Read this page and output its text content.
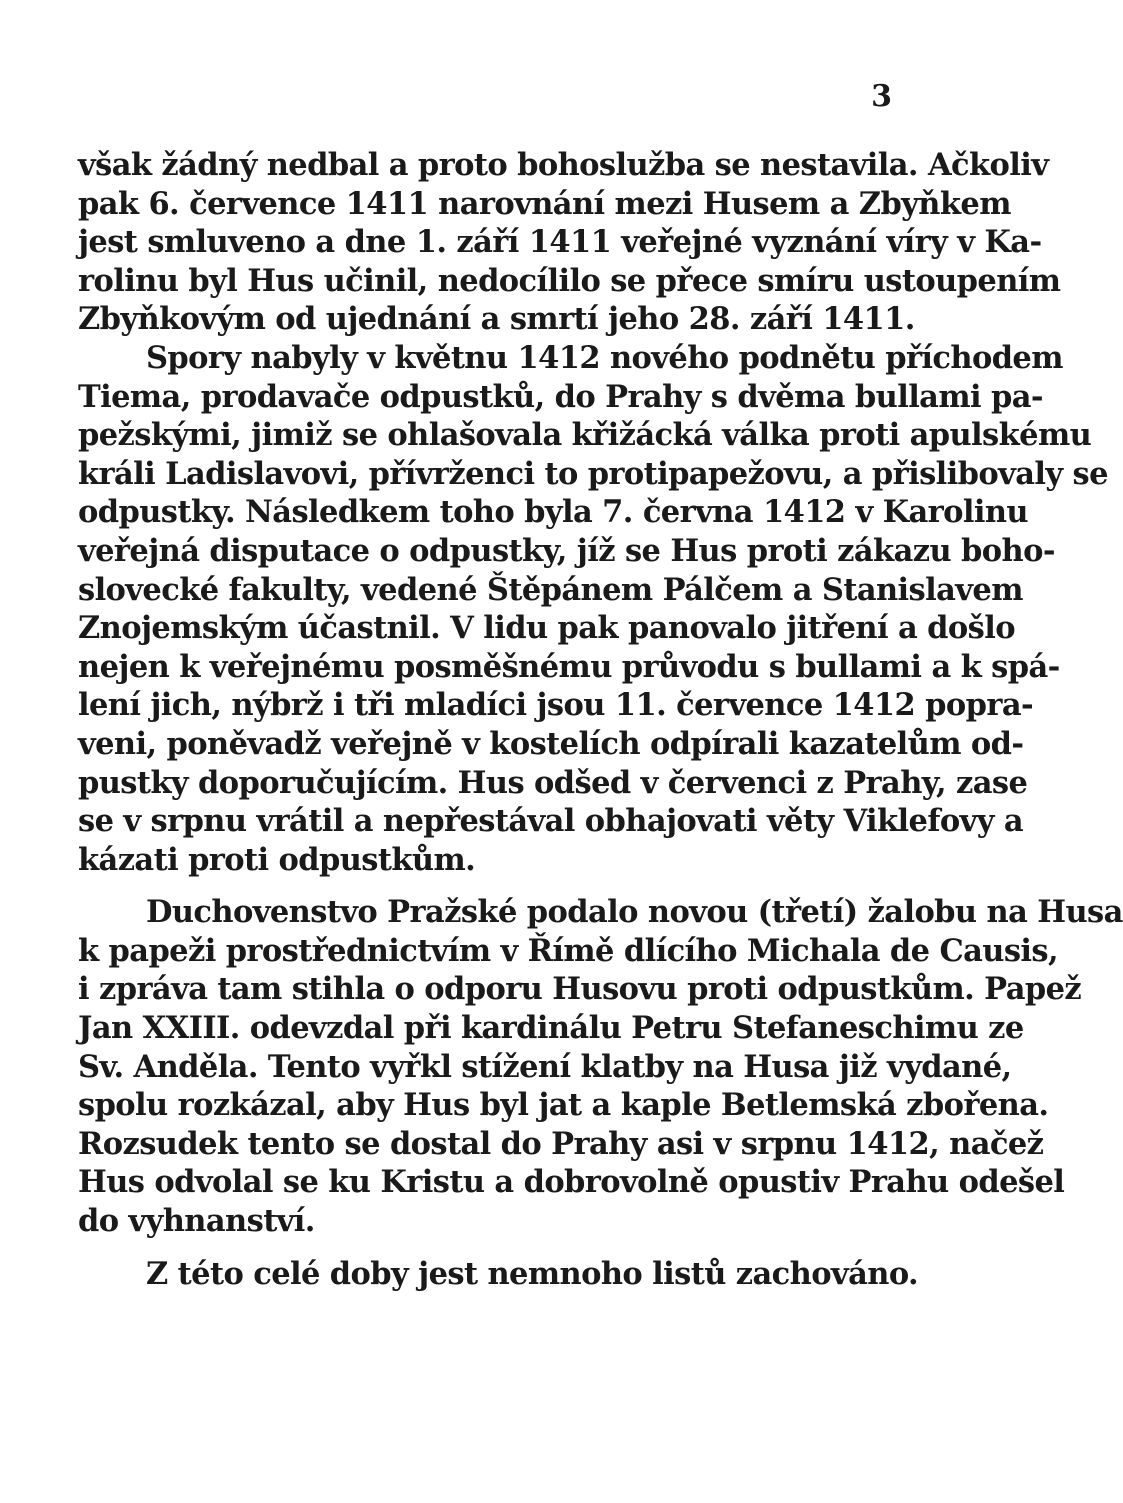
3
však žádný nedbal a proto bohoslužba se nestavila. Ačkoliv
pak 6. července 1411 narovnání mezi Husem a Zbyňkem
jest smluveno a dne 1. září 1411 veřejné vyznání víry v Ka-
rolinu byl Hus učinil, nedocílilo se přece smíru ustoupením
Zbyňkovým od ujednání a smrtí jeho 28. září 1411.
Spory nabyly v květnu 1412 nového podnětu příchodem
Tiema, prodavače odpustků, do Prahy s dvěma bullami pa-
pežskými, jimiž se ohlašovala křižácká válka proti apulskému
králi Ladislavovi, přívrženci to protipapežovu, a přislibovaly se
odpustky. Následkem toho byla 7. června 1412 v Karolinu
veřejná disputace o odpustky, jíž se Hus proti zákazu boho-
slovecké fakulty, vedené Štěpánem Pálčem a Stanislavem
Znojemským účastnil. V lidu pak panovalo jitření a došlo
nejen k veřejnému posměšnému průvodu s bullami a k spá-
lení jich, nýbrž i tři mladíci jsou 11. července 1412 popra-
veni, poněvadž veřejně v kostelích odpírali kazatelům od-
pustky doporučujícím. Hus odšed v červenci z Prahy, zase
se v srpnu vrátil a nepřestával obhajovati věty Viklefovy a
kázati proti odpustkům.
Duchovenstvo Pražské podalo novou (třetí) žalobu na Husa
k papeži prostřednictvím v Římě dlícího Michala de Causis,
i zpráva tam stihla o odporu Husovu proti odpustkům. Papež
Jan XXIII. odevzdal při kardinálu Petru Stefaneschimu ze
Sv. Anděla. Tento vyřkl stížení klatby na Husa již vydané,
spolu rozkázal, aby Hus byl jat a kaple Betlemská zbořena.
Rozsudek tento se dostal do Prahy asi v srpnu 1412, načež
Hus odvolal se ku Kristu a dobrovolně opustiv Prahu odešel
do vyhnanství.
Z této celé doby jest nemnoho listů zachováno.
